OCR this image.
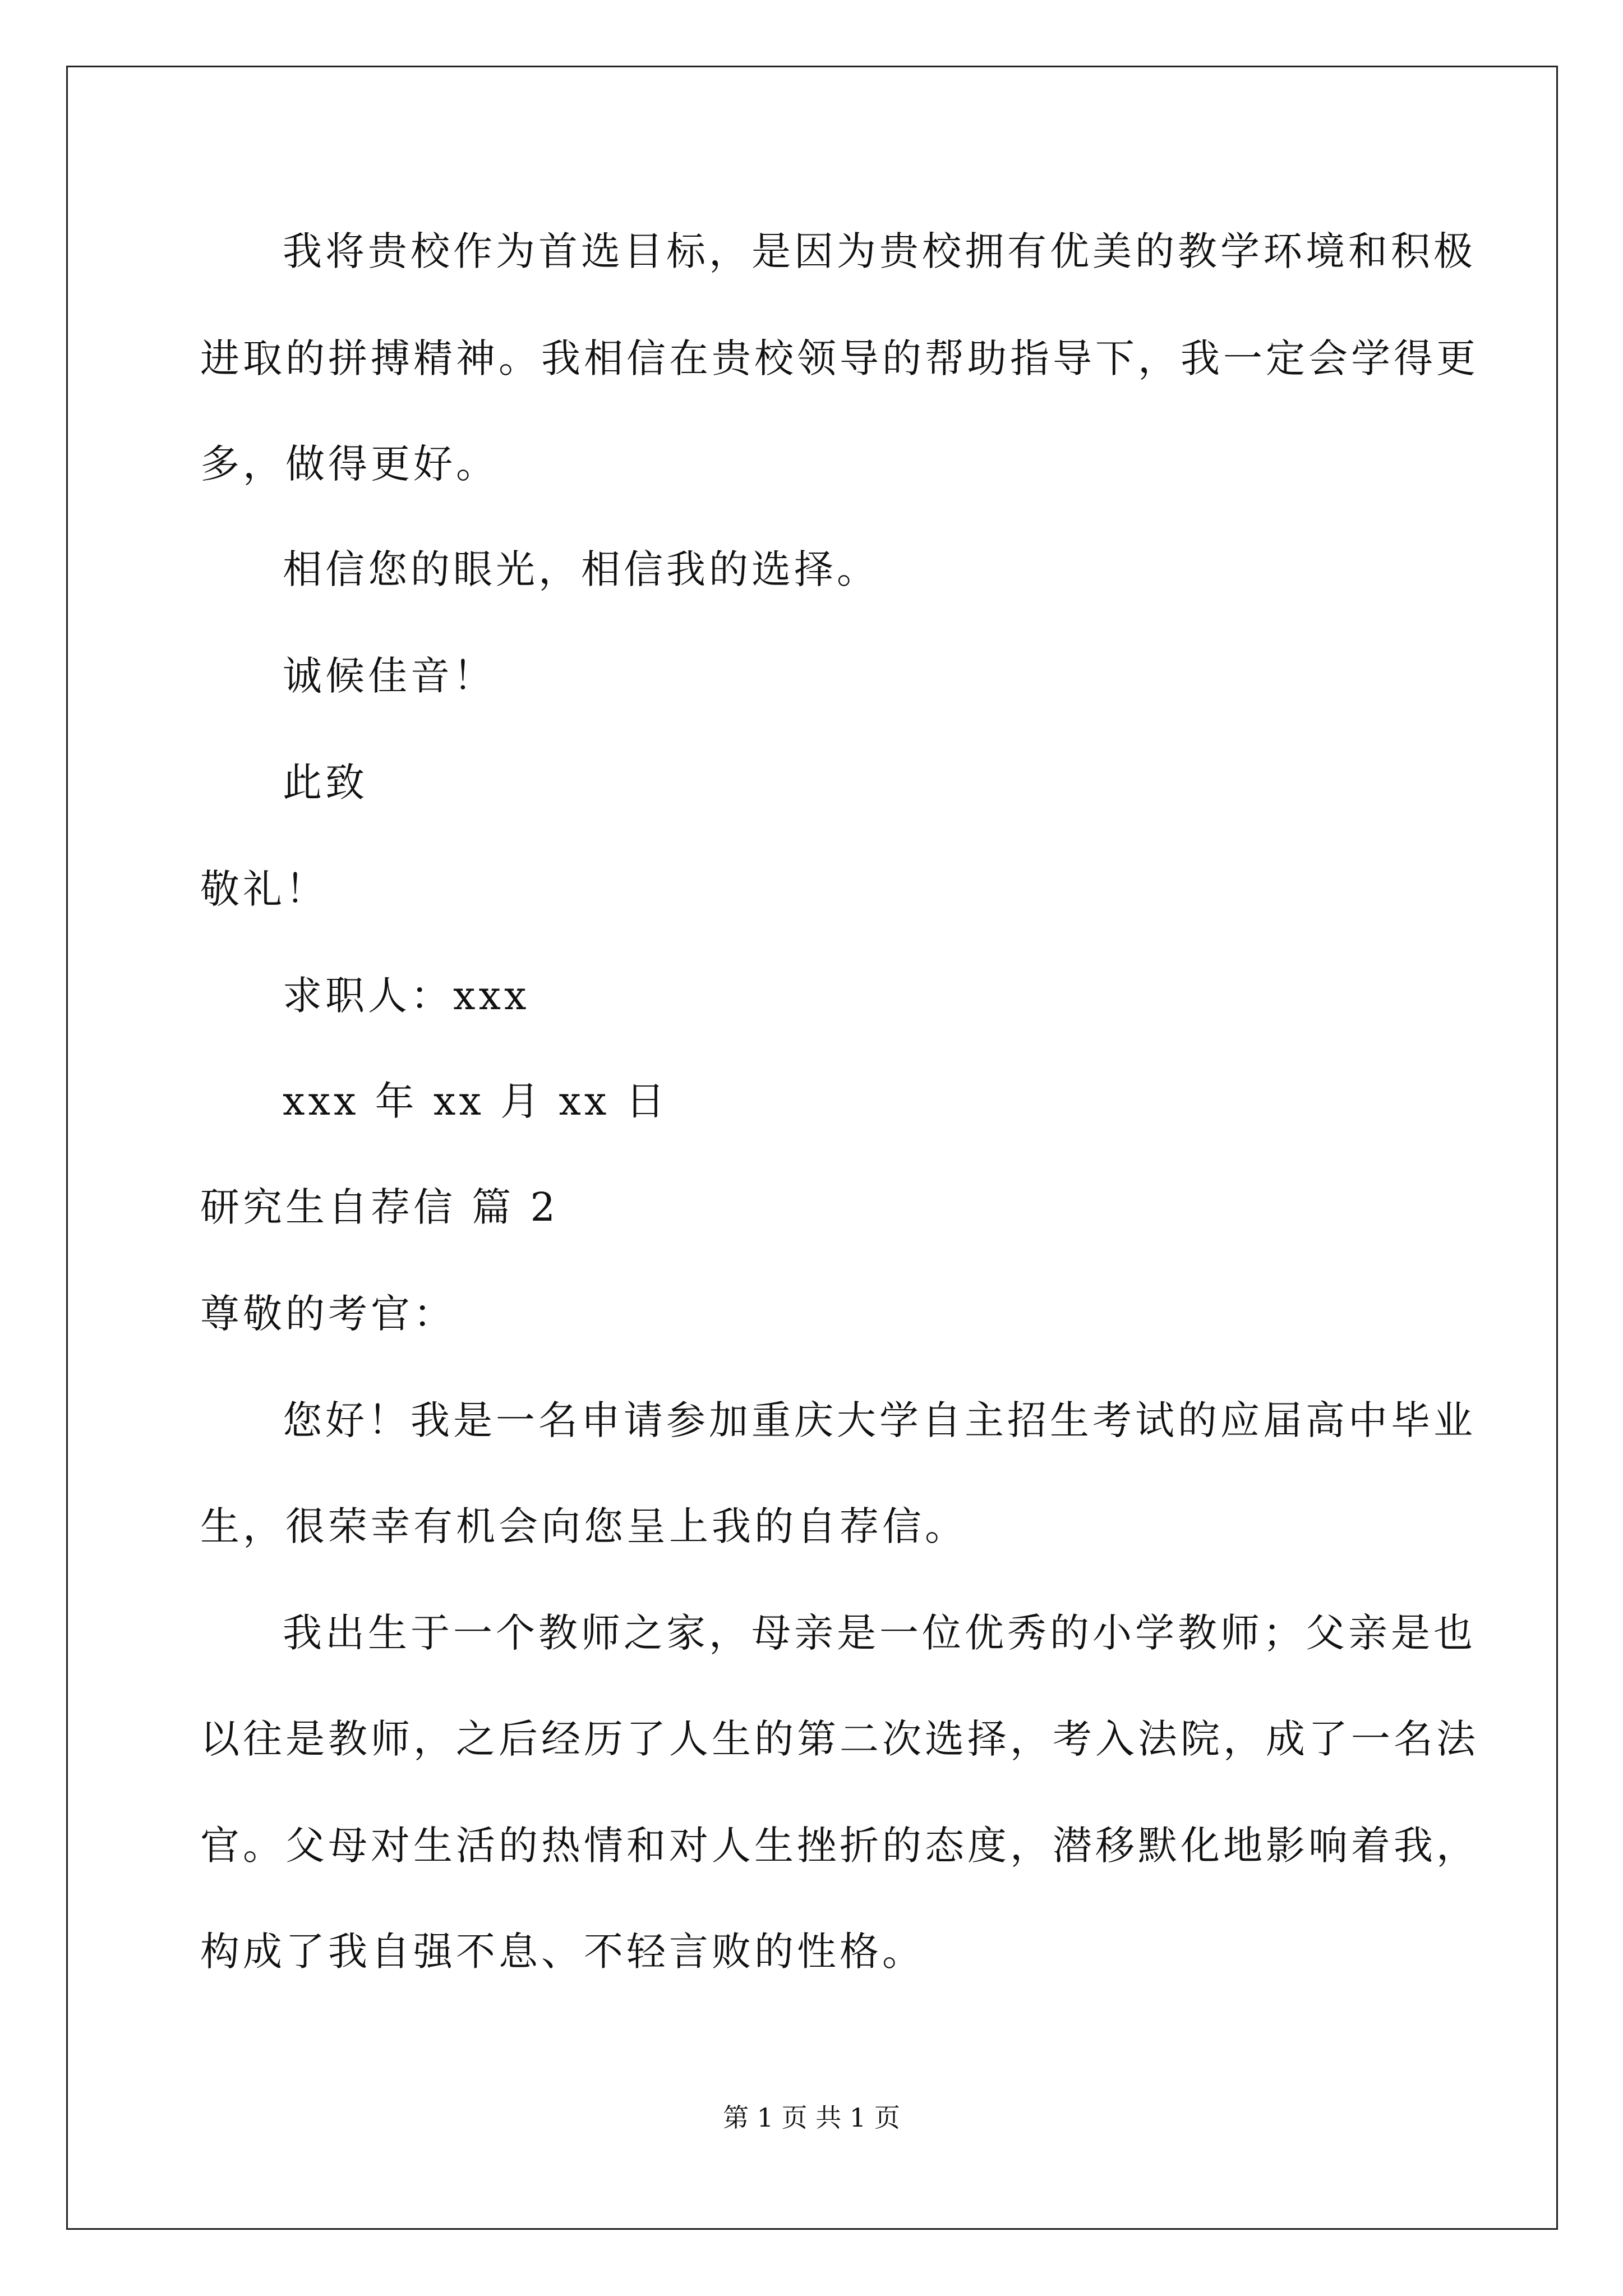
我将贵校作为首选目标，是因为贵校拥有优美的教学环境和积极
进取的拼搏精神。我相信在贵校领导的帮助指导下，我一定会学得更
多，做得更好。
相信您的眼光，相信我的选择。
诚候佳音！
此致
敬礼！
求职人：xxx
xxx 年 xx 月 xx 日
研究生自荐信 篇 2
尊敬的考官：
您好！我是一名申请参加重庆大学自主招生考试的应届高中毕业
生，很荣幸有机会向您呈上我的自荐信。
我出生于一个教师之家，母亲是一位优秀的小学教师；父亲是也
以往是教师，之后经历了人生的第二次选择，考入法院，成了一名法
官。父母对生活的热情和对人生挫折的态度，潜移默化地影响着我，
构成了我自强不息、不轻言败的性格。
第 1 页 共 1 页
